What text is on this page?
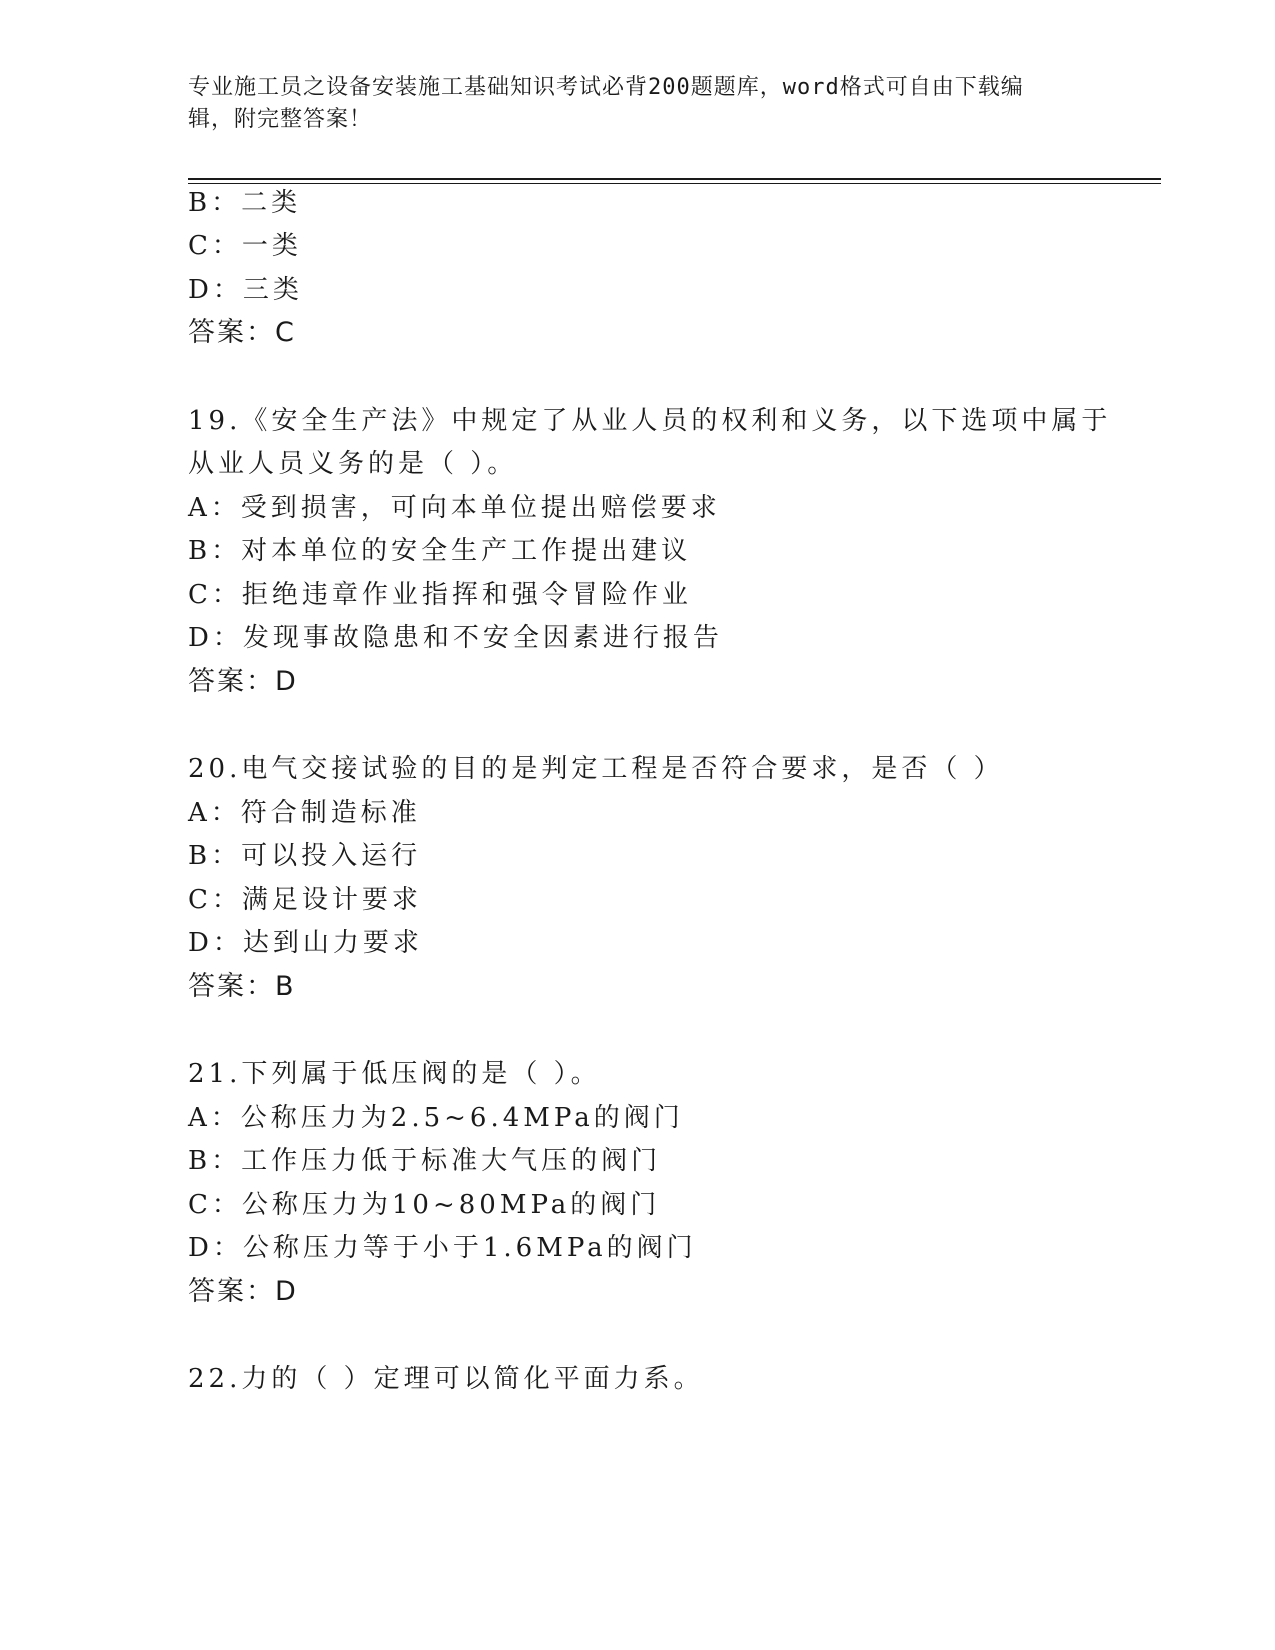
专业施工员之设备安装施工基础知识考试必背200题题库，word格式可自由下载编辑，附完整答案！
B：二类
C：一类
D：三类
答案：C
19.《安全生产法》中规定了从业人员的权利和义务，以下选项中属于
从业人员义务的是（ ）。
A：受到损害，可向本单位提出赔偿要求
B：对本单位的安全生产工作提出建议
C：拒绝违章作业指挥和强令冒险作业
D：发现事故隐患和不安全因素进行报告
答案：D
20.电气交接试验的目的是判定工程是否符合要求，是否（ ）
A：符合制造标准
B：可以投入运行
C：满足设计要求
D：达到山力要求
答案：B
21.下列属于低压阀的是（ ）。
A：公称压力为2.5~6.4MPa的阀门
B：工作压力低于标准大气压的阀门
C：公称压力为10~80MPa的阀门
D：公称压力等于小于1.6MPa的阀门
答案：D
22.力的（ ）定理可以简化平面力系。
